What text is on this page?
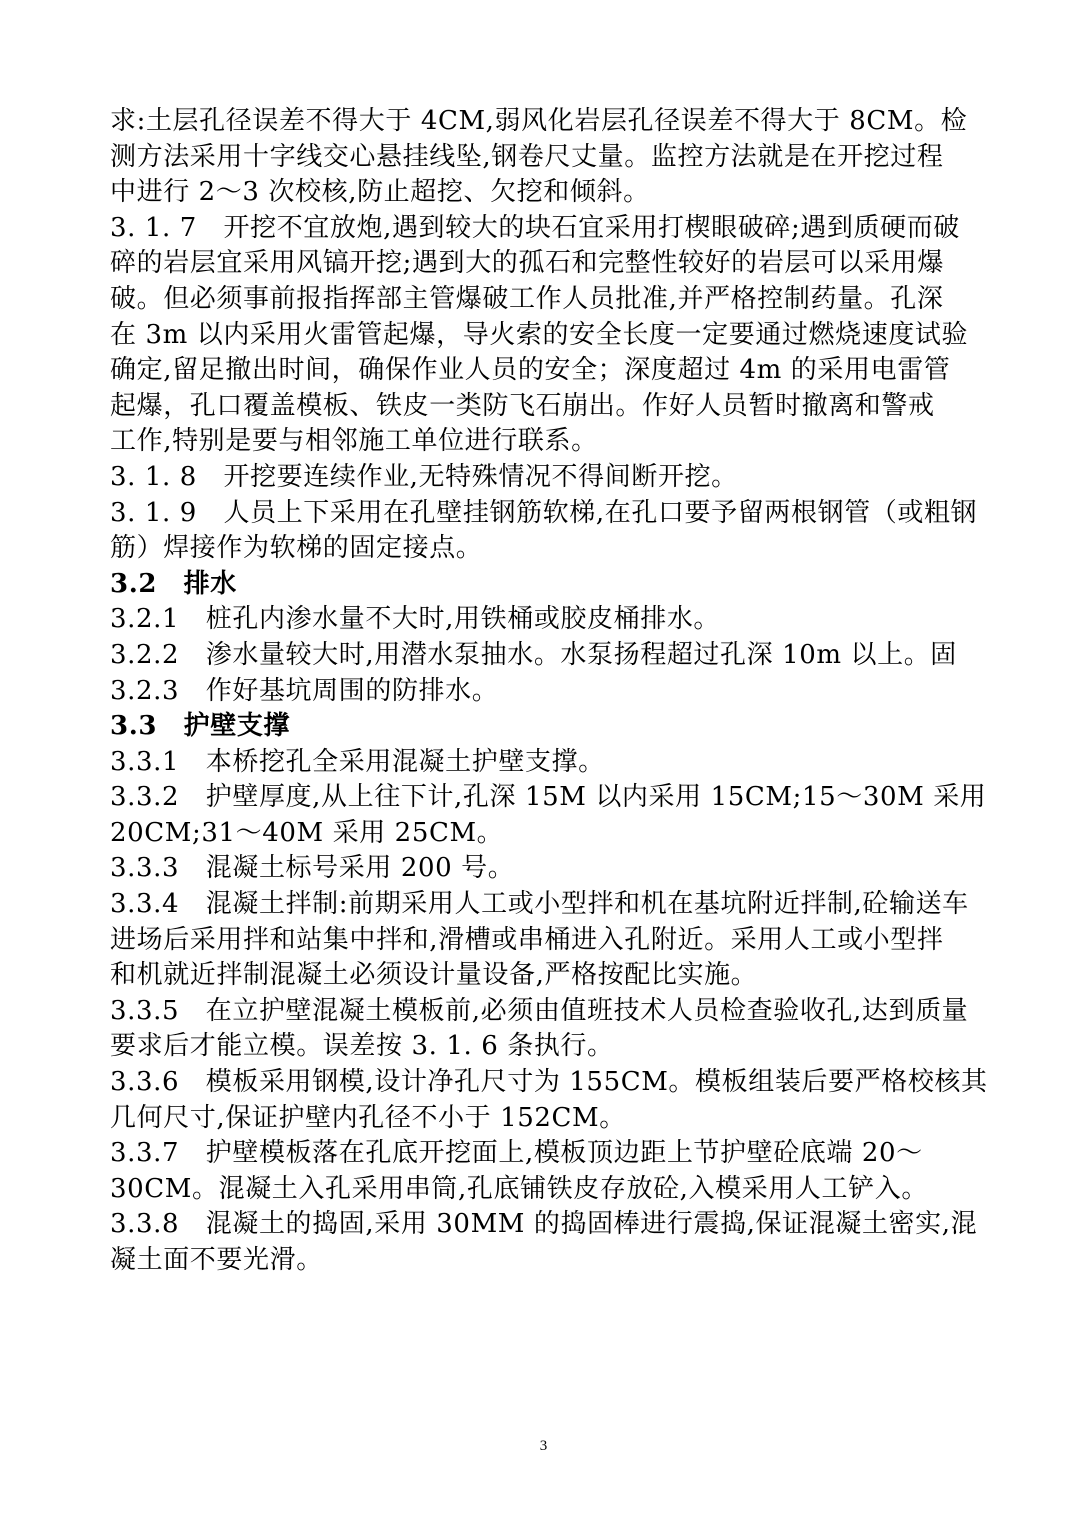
求:土层孔径误差不得大于 4CM,弱风化岩层孔径误差不得大于 8CM。检
测方法采用十字线交心悬挂线坠,钢卷尺丈量。监控方法就是在开挖过程
中进行 2～3 次校核,防止超挖、欠挖和倾斜。
3. 1. 7　开挖不宜放炮,遇到较大的块石宜采用打楔眼破碎;遇到质硬而破
碎的岩层宜采用风镐开挖;遇到大的孤石和完整性较好的岩层可以采用爆
破。但必须事前报指挥部主管爆破工作人员批准,并严格控制药量。孔深
在 3m 以内采用火雷管起爆，导火索的安全长度一定要通过燃烧速度试验
确定,留足撤出时间，确保作业人员的安全；深度超过 4m 的采用电雷管
起爆，孔口覆盖模板、铁皮一类防飞石崩出。作好人员暂时撤离和警戒
工作,特别是要与相邻施工单位进行联系。
3. 1. 8　开挖要连续作业,无特殊情况不得间断开挖。
3. 1. 9　人员上下采用在孔壁挂钢筋软梯,在孔口要予留两根钢管（或粗钢
筋）焊接作为软梯的固定接点。
3.2　排水
3.2.1　桩孔内渗水量不大时,用铁桶或胶皮桶排水。
3.2.2　渗水量较大时,用潜水泵抽水。水泵扬程超过孔深 10m 以上。固
3.2.3　作好基坑周围的防排水。
3.3　护壁支撑
3.3.1　本桥挖孔全采用混凝土护壁支撑。
3.3.2　护壁厚度,从上往下计,孔深 15M 以内采用 15CM;15～30M 采用
20CM;31～40M 采用 25CM。
3.3.3　混凝土标号采用 200 号。
3.3.4　混凝土拌制:前期采用人工或小型拌和机在基坑附近拌制,砼输送车
进场后采用拌和站集中拌和,滑槽或串桶进入孔附近。采用人工或小型拌
和机就近拌制混凝土必须设计量设备,严格按配比实施。
3.3.5　在立护壁混凝土模板前,必须由值班技术人员检查验收孔,达到质量
要求后才能立模。误差按 3. 1. 6 条执行。
3.3.6　模板采用钢模,设计净孔尺寸为 155CM。模板组装后要严格校核其
几何尺寸,保证护壁内孔径不小于 152CM。
3.3.7　护壁模板落在孔底开挖面上,模板顶边距上节护壁砼底端 20～
30CM。混凝土入孔采用串筒,孔底铺铁皮存放砼,入模采用人工铲入。
3.3.8　混凝土的捣固,采用 30MM 的捣固棒进行震捣,保证混凝土密实,混
凝土面不要光滑。
3
